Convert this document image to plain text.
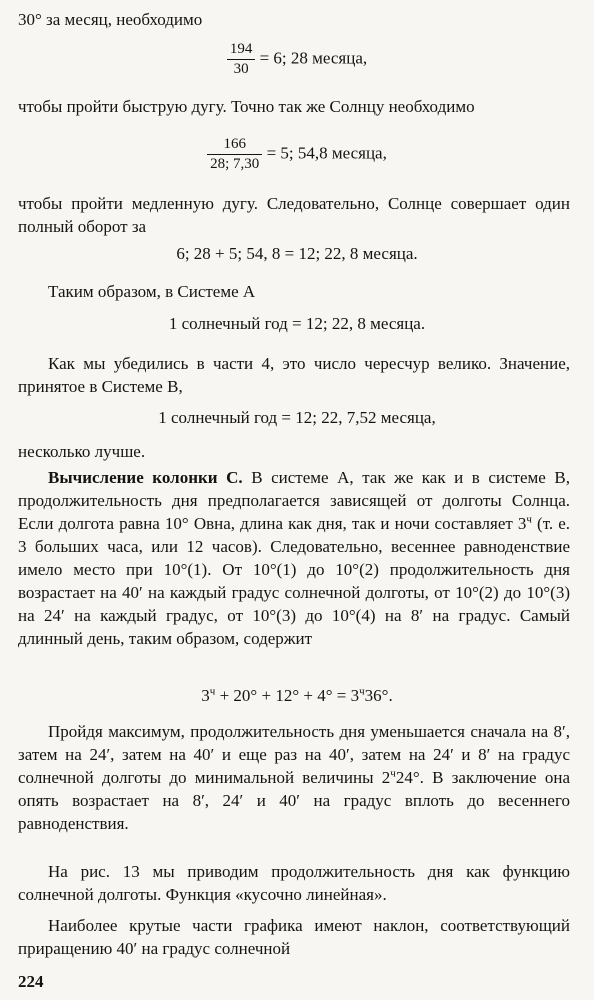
30° за месяц, необходимо

$\frac{194}{30} = 6$; 28 месяца,

чтобы пройти быструю дугу. Точно так же Солнцу необходимо

$\frac{166}{28; 7,30} = 5$; 54,8 месяца,

чтобы пройти медленную дугу. Следовательно, Солнце совершает один полный оборот за

6; 28 + 5; 54, 8 = 12; 22, 8 месяца.

Таким образом, в Системе А

1 солнечный год = 12; 22, 8 месяца.

Как мы убедились в части 4, это число чересчур велико. Значение, принятое в Системе В,

1 солнечный год = 12; 22, 7,52 месяца,

несколько лучше.

Вычисление колонки C. В системе А, так же как и в системе В, продолжительность дня предполагается зависящей от долготы Солнца. Если долгота равна 10° Овна, длина как дня, так и ночи составляет $3^ч$ (т. е. 3 больших часа, или 12 часов). Следовательно, весеннее равноденствие имело место при 10°(1). От 10°(1) до 10°(2) продолжительность дня возрастает на 40′ на каждый градус солнечной долготы, от 10°(2) до 10°(3) на 24′ на каждый градус, от 10°(3) до 10°(4) на 8′ на градус. Самый длинный день, таким образом, содержит

$3^ч + 20^\circ + 12^\circ + 4^\circ = 3^ч36^\circ$.

Пройдя максимум, продолжительность дня уменьшается сначала на 8′, затем на 24′, затем на 40′ и еще раз на 40′, затем на 24′ и 8′ на градус солнечной долготы до минимальной величины $2^ч24^\circ$. В заключение она опять возрастает на 8′, 24′ и 40′ на градус вплоть до весеннего равноденствия.

На рис. 13 мы приводим продолжительность дня как функцию солнечной долготы. Функция «кусочно линейная».

Наиболее крутые части графика имеют наклон, соответствующий приращению 40′ на градус солнечной

224
